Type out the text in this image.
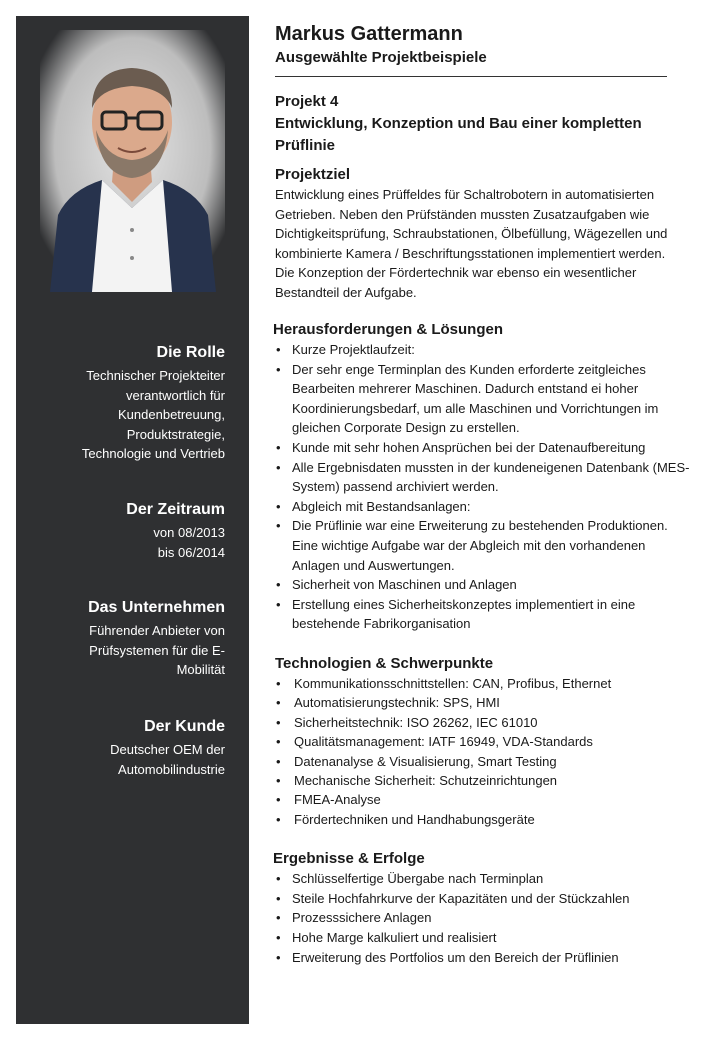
Die Rolle

Technischer Projekteiter verantwortlich für Kundenbetreuung, Produktstrategie, Technologie und Vertrieb

Der Zeitraum

von 08/2013

bis 06/2014

Das Unternehmen

Führender Anbieter von Prüfsystemen für die E-Mobilität

Der Kunde

Deutscher OEM der Automobilindustrie

Markus Gattermann
Ausgewählte Projektbeispiele
Projekt 4
Entwicklung, Konzeption und Bau einer kompletten Prüflinie
Projektziel

Entwicklung eines Prüffeldes für Schaltrobotern in automatisierten Getrieben. Neben den Prüfständen mussten Zusatzaufgaben wie Dichtigkeitsprüfung, Schraubstationen, Ölbefüllung, Wägezellen und kombinierte Kamera / Beschriftungsstationen implementiert werden. Die Konzeption der Fördertechnik war ebenso ein wesentlicher Bestandteil der Aufgabe.

Herausforderungen & Lösungen
• Kurze Projektlaufzeit:
• Der sehr enge Terminplan des Kunden erforderte zeitgleiches Bearbeiten mehrerer Maschinen. Dadurch entstand ei hoher Koordinierungsbedarf, um alle Maschinen und Vorrichtungen im gleichen Corporate Design zu erstellen.
• Kunde mit sehr hohen Ansprüchen bei der Datenaufbereitung
• Alle Ergebnisdaten mussten in der kundeneigenen Datenbank (MES-System) passend archiviert werden.
• Abgleich mit Bestandsanlagen:
• Die Prüflinie war eine Erweiterung zu bestehenden Produktionen. Eine wichtige Aufgabe war der Abgleich mit den vorhandenen Anlagen und Auswertungen.
• Sicherheit von Maschinen und Anlagen
• Erstellung eines Sicherheitskonzeptes implementiert in eine bestehende Fabrikorganisation
Technologien & Schwerpunkte
• Kommunikationsschnittstellen: CAN, Profibus, Ethernet
• Automatisierungstechnik: SPS, HMI
• Sicherheitstechnik: ISO 26262, IEC 61010
• Qualitätsmanagement: IATF 16949, VDA-Standards
• Datenanalyse & Visualisierung, Smart Testing
• Mechanische Sicherheit: Schutzeinrichtungen
• FMEA-Analyse
• Fördertechniken und Handhabungsgeräte
Ergebnisse & Erfolge
• Schlüsselfertige Übergabe nach Terminplan
• Steile Hochfahrkurve der Kapazitäten und der Stückzahlen
• Prozesssichere Anlagen
• Hohe Marge kalkuliert und realisiert
• Erweiterung des Portfolios um den Bereich der Prüflinien
